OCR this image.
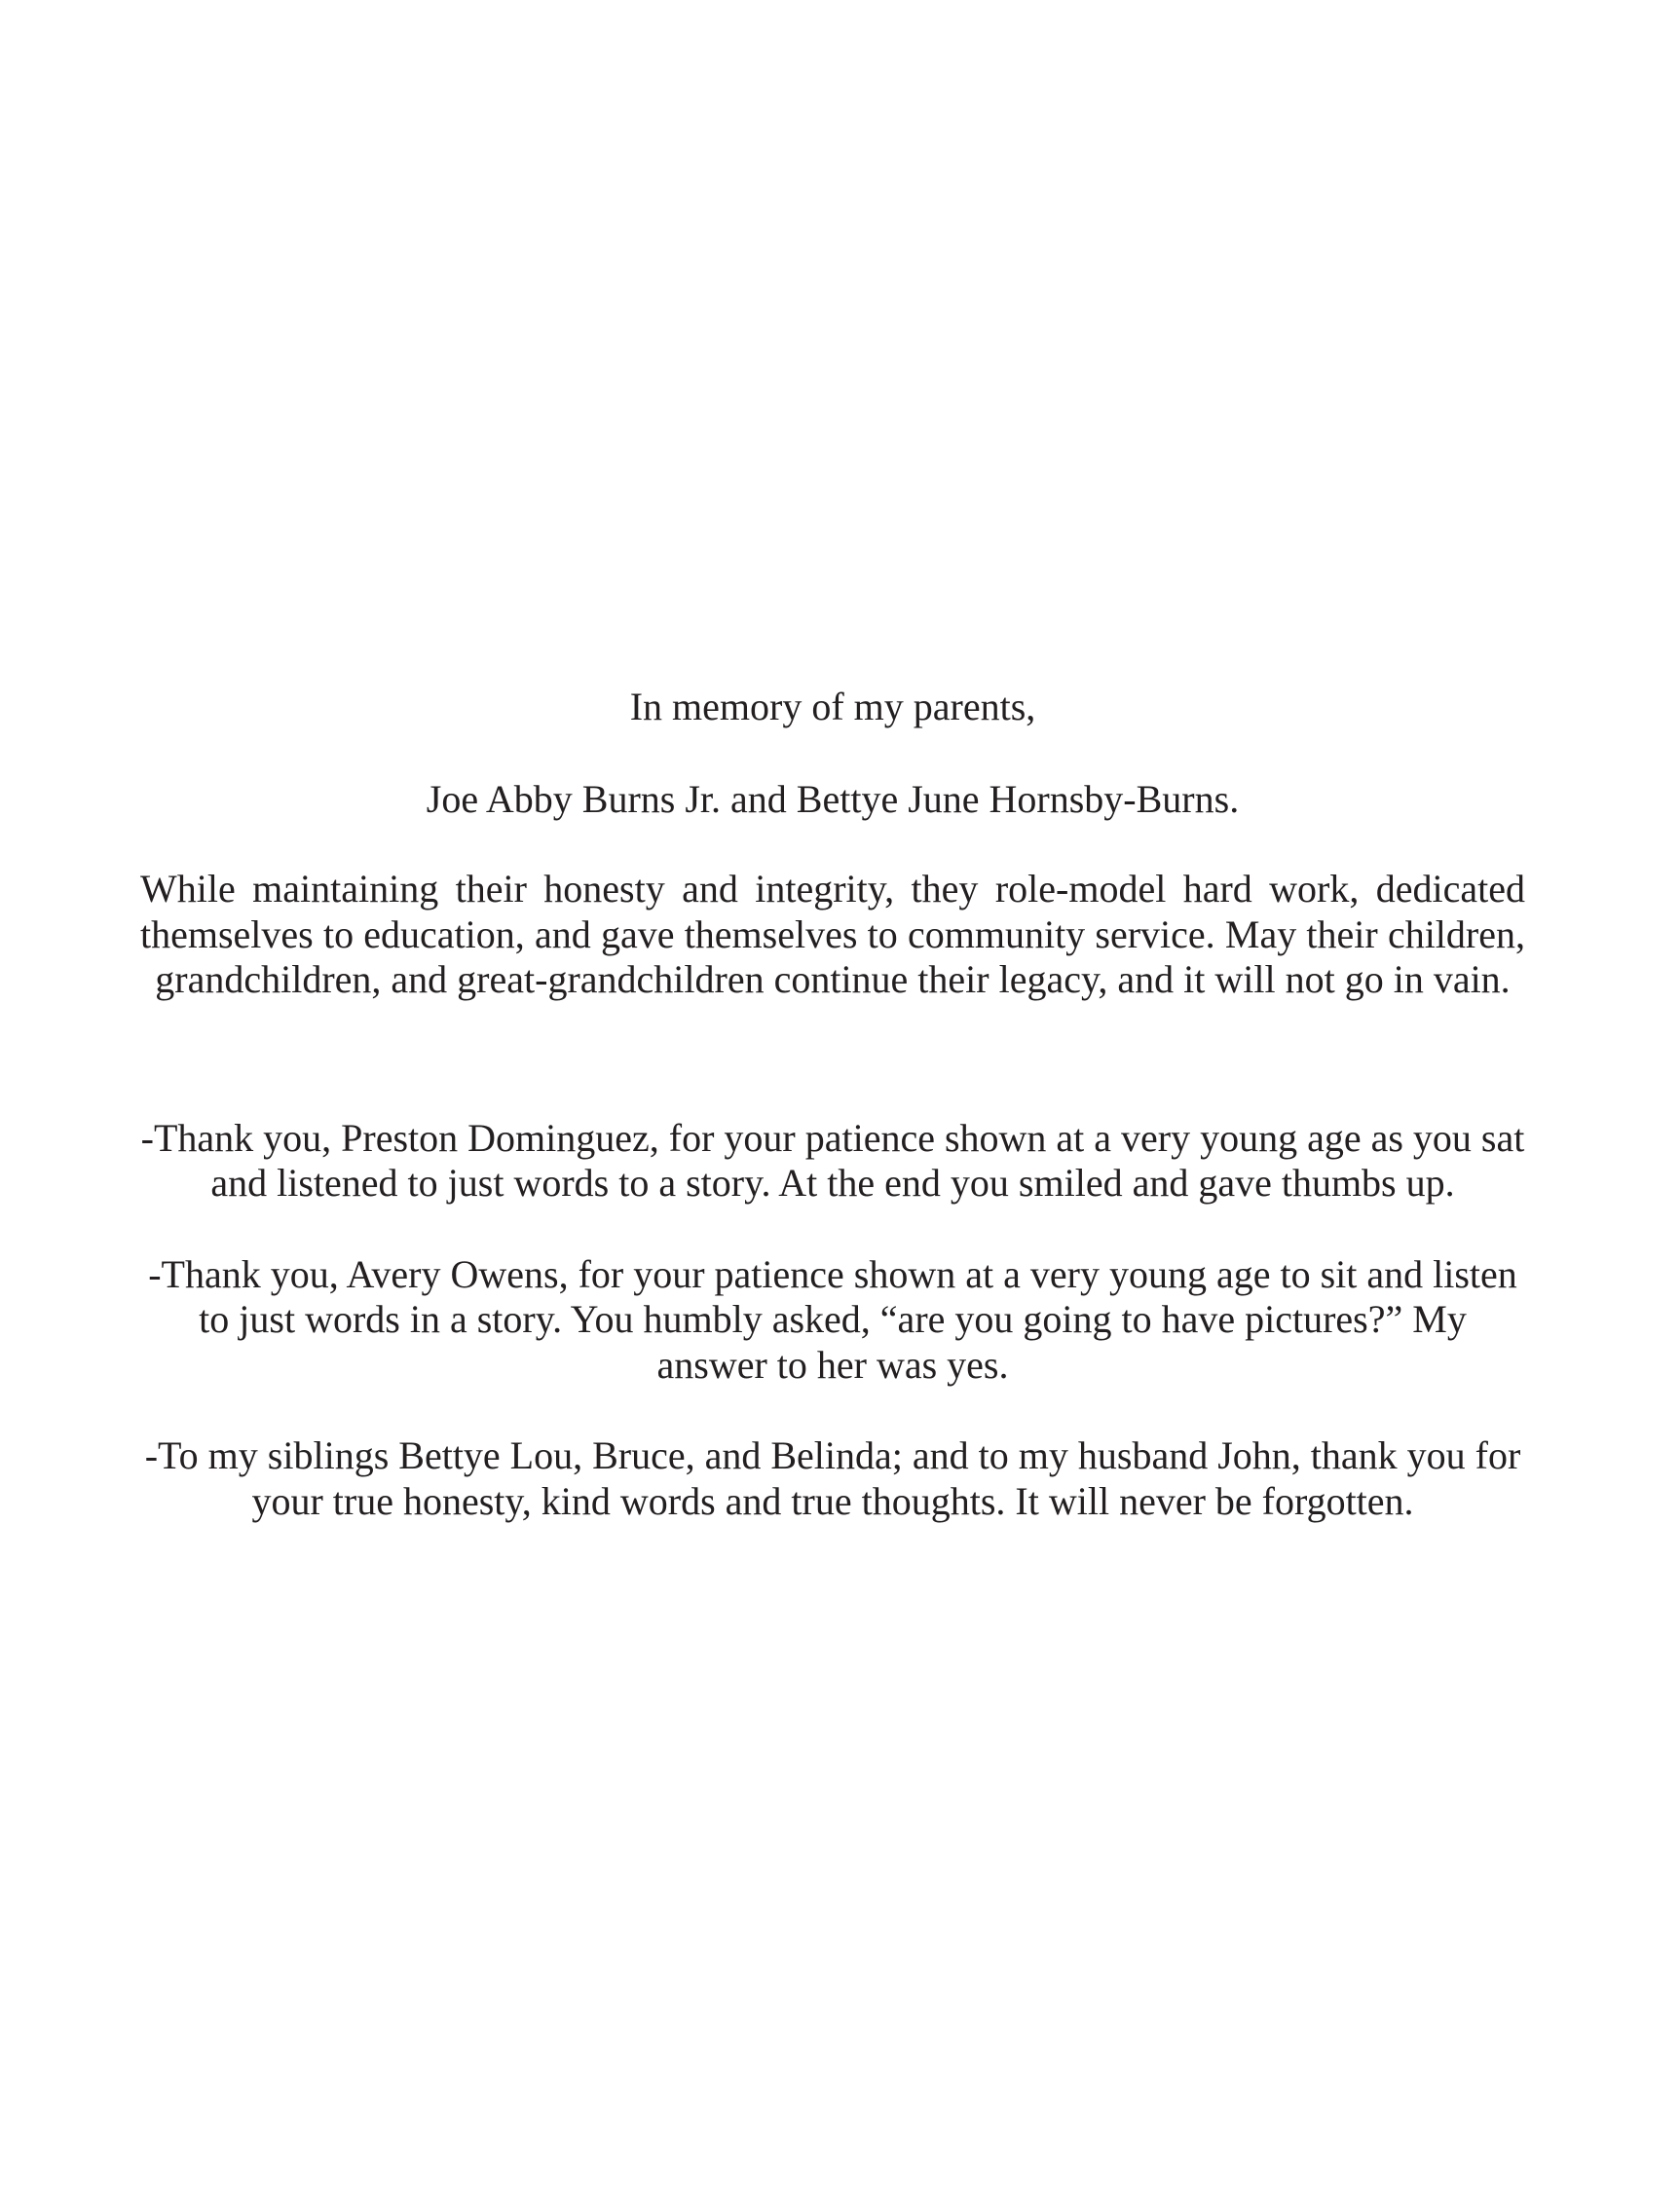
In memory of my parents,

Joe Abby Burns Jr. and Bettye June Hornsby-Burns.

While maintaining their honesty and integrity, they role-model hard work, dedicated themselves to education, and gave themselves to community service. May their children, grandchildren, and great-grandchildren continue their legacy, and it will not go in vain.

-Thank you, Preston Dominguez, for your patience shown at a very young age as you sat and listened to just words to a story. At the end you smiled and gave thumbs up.

-Thank you, Avery Owens, for your patience shown at a very young age to sit and listen to just words in a story. You humbly asked, “are you going to have pictures?” My answer to her was yes.

-To my siblings Bettye Lou, Bruce, and Belinda; and to my husband John, thank you for your true honesty, kind words and true thoughts. It will never be forgotten.
